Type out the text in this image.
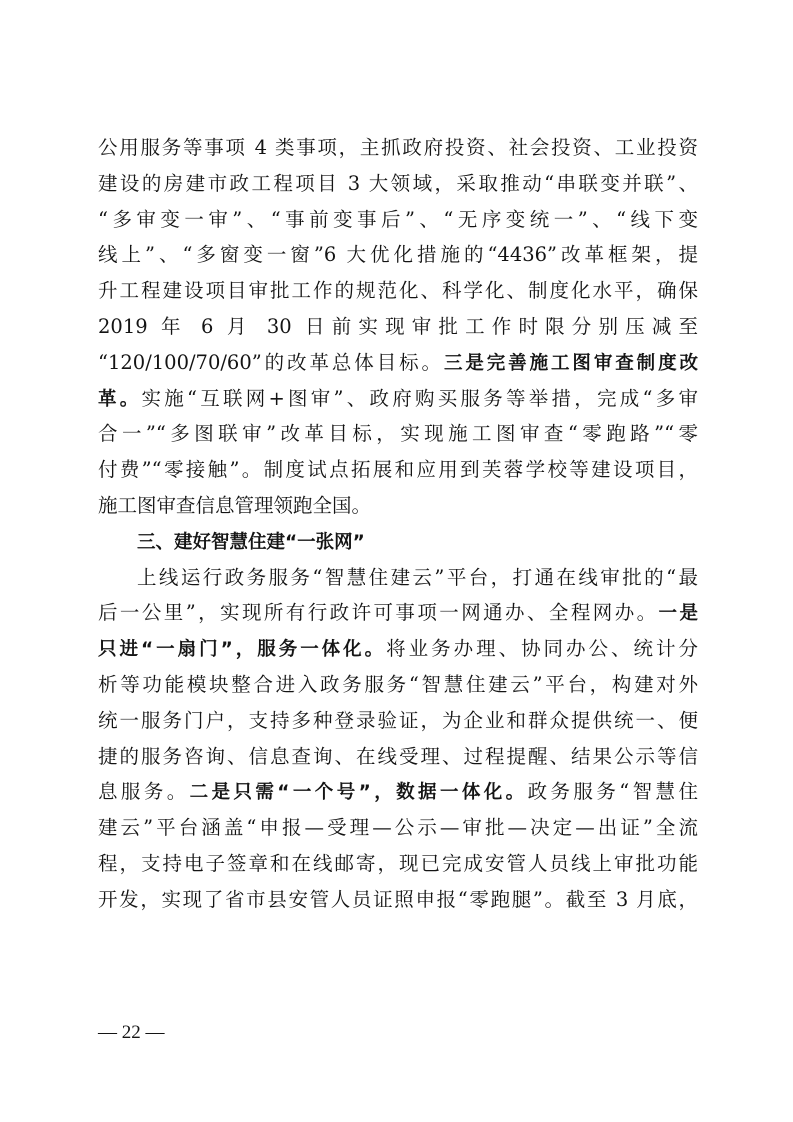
公用服务等事项 4 类事项，主抓政府投资、社会投资、工业投资
建设的房建市政工程项目 3 大领域，采取推动“串联变并联”、
“多审变一审”、“事前变事后”、“无序变统一”、“线下变
线上”、“多窗变一窗”6 大优化措施的“4436”改革框架，提
升工程建设项目审批工作的规范化、科学化、制度化水平，确保
2019 年 6 月 30 日前实现审批工作时限分别压减至
“120/100/70/60”的改革总体目标。三是完善施工图审查制度改
革。实施“互联网+图审”、政府购买服务等举措，完成“多审
合一”“多图联审”改革目标，实现施工图审查“零跑路”“零
付费”“零接触”。制度试点拓展和应用到芙蓉学校等建设项目，
施工图审查信息管理领跑全国。
三、建好智慧住建“一张网”
上线运行政务服务“智慧住建云”平台，打通在线审批的“最
后一公里”，实现所有行政许可事项一网通办、全程网办。一是
只进“一扇门”，服务一体化。将业务办理、协同办公、统计分
析等功能模块整合进入政务服务“智慧住建云”平台，构建对外
统一服务门户，支持多种登录验证，为企业和群众提供统一、便
捷的服务咨询、信息查询、在线受理、过程提醒、结果公示等信
息服务。二是只需“一个号”，数据一体化。政务服务“智慧住
建云”平台涵盖“申报—受理—公示—审批—决定—出证”全流
程，支持电子签章和在线邮寄，现已完成安管人员线上审批功能
开发，实现了省市县安管人员证照申报“零跑腿”。截至 3 月底，
— 22 —
